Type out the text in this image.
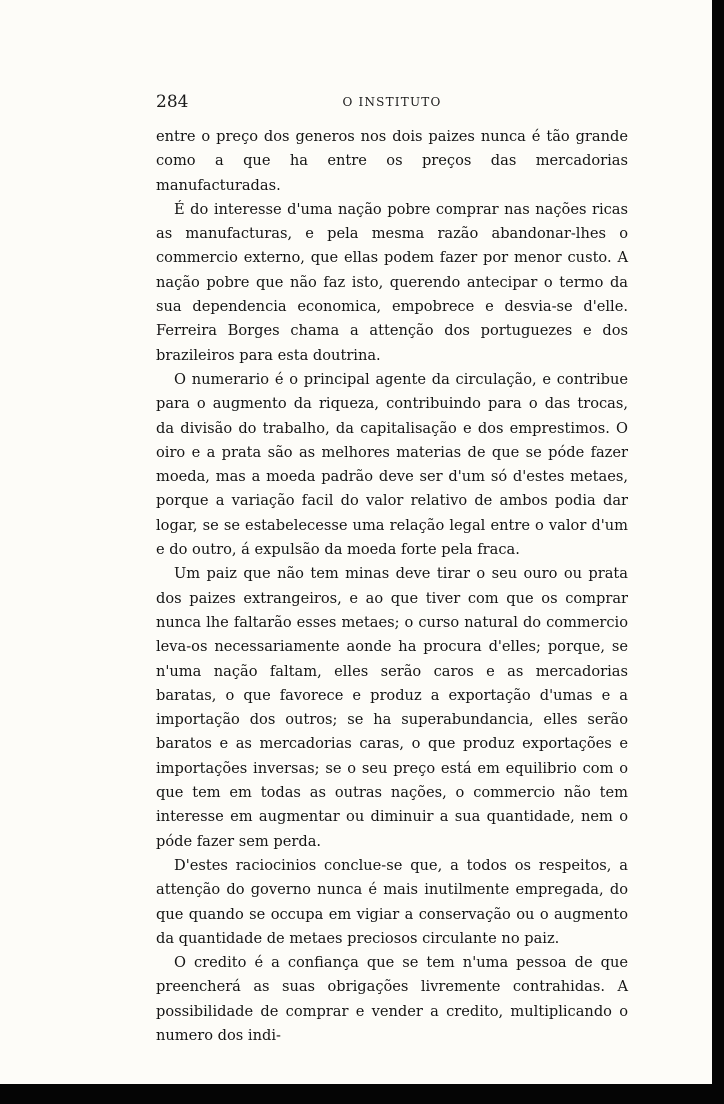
284	O INSTITUTO

entre o preço dos generos nos dois paizes nunca é tão grande como a que ha entre os preços das mercadorias manufacturadas.

É do interesse d'uma nação pobre comprar nas nações ricas as manufacturas, e pela mesma razão abandonar-lhes o commercio externo, que ellas podem fazer por menor custo. A nação pobre que não faz isto, querendo antecipar o termo da sua dependencia economica, empobrece e desvia-se d'elle. Ferreira Borges chama a attenção dos portuguezes e dos brazileiros para esta doutrina.

O numerario é o principal agente da circulação, e contribue para o augmento da riqueza, contribuindo para o das trocas, da divisão do trabalho, da capitalisação e dos emprestimos. O oiro e a prata são as melhores materias de que se póde fazer moeda, mas a moeda padrão deve ser d'um só d'estes metaes, porque a variação facil do valor relativo de ambos podia dar logar, se se estabelecesse uma relação legal entre o valor d'um e do outro, á expulsão da moeda forte pela fraca.

Um paiz que não tem minas deve tirar o seu ouro ou prata dos paizes extrangeiros, e ao que tiver com que os comprar nunca lhe faltarão esses metaes; o curso natural do commercio leva-os necessariamente aonde ha procura d'elles; porque, se n'uma nação faltam, elles serão caros e as mercadorias baratas, o que favorece e produz a exportação d'umas e a importação dos outros; se ha superabundancia, elles serão baratos e as mercadorias caras, o que produz exportações e importações inversas; se o seu preço está em equilibrio com o que tem em todas as outras nações, o commercio não tem interesse em augmentar ou diminuir a sua quantidade, nem o póde fazer sem perda.

D'estes raciocinios conclue-se que, a todos os respeitos, a attenção do governo nunca é mais inutilmente empregada, do que quando se occupa em vigiar a conservação ou o augmento da quantidade de metaes preciosos circulante no paiz.

O credito é a confiança que se tem n'uma pessoa de que preencherá as suas obrigações livremente contrahidas. A possibilidade de comprar e vender a credito, multiplicando o numero dos indi-
